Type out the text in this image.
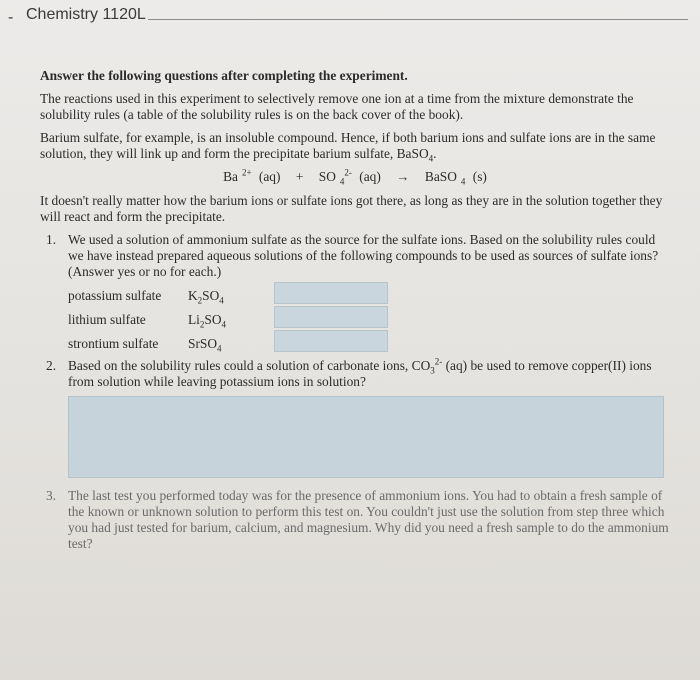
- Chemistry 1120L

Answer the following questions after completing the experiment.

The reactions used in this experiment to selectively remove one ion at a time from the mixture demonstrate the solubility rules (a table of the solubility rules is on the back cover of the book).

Barium sulfate, for example, is an insoluble compound. Hence, if both barium ions and sulfate ions are in the same solution, they will link up and form the precipitate barium sulfate, BaSO$_4$.

Ba $^{2+}$ (aq) + SO $_4^{2-}$ (aq) → BaSO $_4$ (s)

It doesn't really matter how the barium ions or sulfate ions got there, as long as they are in the solution together they will react and form the precipitate.

1. We used a solution of ammonium sulfate as the source for the sulfate ions. Based on the solubility rules could we have instead prepared aqueous solutions of the following compounds to be used as sources of sulfate ions? (Answer yes or no for each.)
potassium sulfate	$K_2SO_4$
lithium sulfate	$Li_2SO_4$
strontium sulfate	SrSO$_4$
2. Based on the solubility rules could a solution of carbonate ions, $CO_3^{2-}$ (aq) be used to remove copper(II) ions from solution while leaving potassium ions in solution?
3. The last test you performed today was for the presence of ammonium ions. You had to obtain a fresh sample of the known or unknown solution to perform this test on. You couldn't just use the solution from step three which you had just tested for barium, calcium, and magnesium. Why did you need a fresh sample to do the ammonium test?
